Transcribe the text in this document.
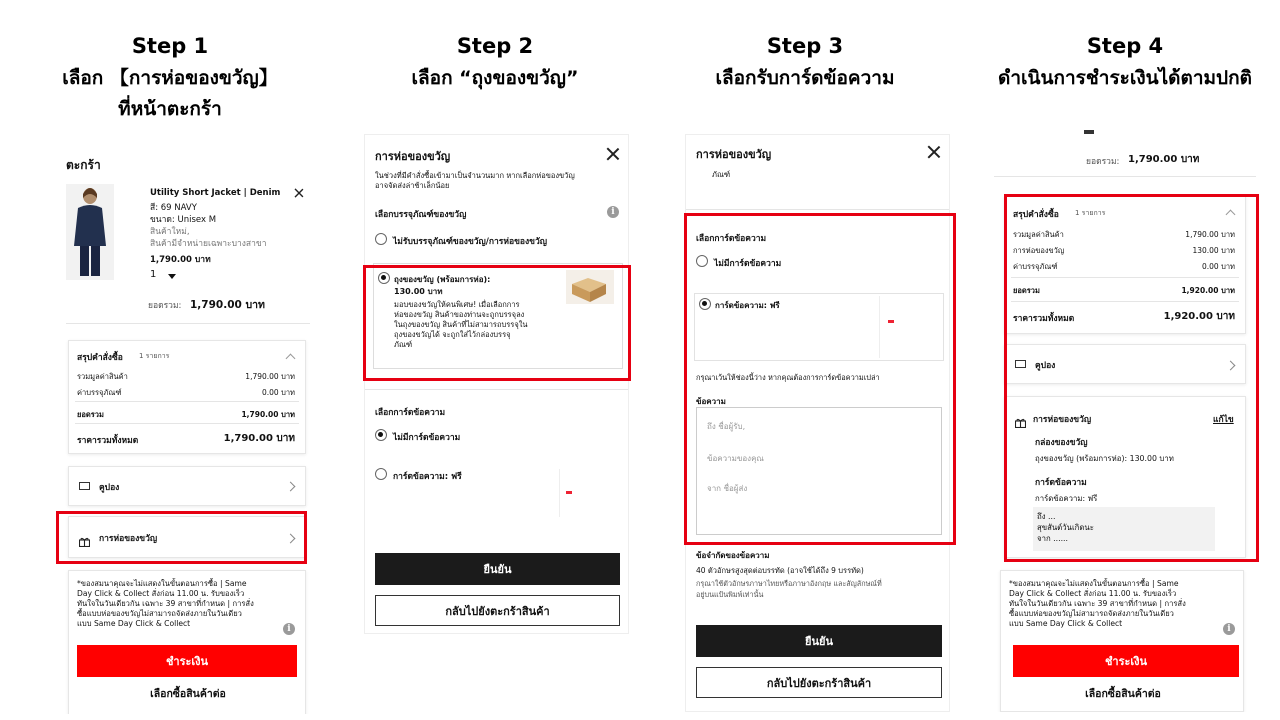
Step 1
เลือก 【การห่อของขวัญ】
ที่หน้าตะกร้า
Step 2
เลือก “ถุงของขวัญ”
Step 3
เลือกรับการ์ดข้อความ
Step 4
ดำเนินการชำระเงินได้ตามปกติ
ตะกร้า
Utility Short Jacket | Denim
สี: 69 NAVY
ขนาด: Unisex M
สินค้าใหม่,
สินค้ามีจำหน่ายเฉพาะบางสาขา
1,790.00 บาท
1
ยอดรวม: 1,790.00 บาท
สรุปคำสั่งซื้อ 1 รายการ
รวมมูลค่าสินค้า	1,790.00 บาท
ค่าบรรจุภัณฑ์	0.00 บาท
ยอดรวม	1,790.00 บาท
ราคารวมทั้งหมด	1,790.00 บาท
คูปอง
การห่อของขวัญ
*ของสมนาคุณจะไม่แสดงในขั้นตอนการซื้อ | Same
Day Click & Collect สั่งก่อน 11.00 น. รับของเร็ว
ทันใจในวันเดียวกัน เฉพาะ 39 สาขาที่กำหนด | การสั่ง
ซื้อแบบห่อของขวัญไม่สามารถจัดส่งภายในวันเดียว
แบบ Same Day Click & Collect
i
ชำระเงิน
เลือกซื้อสินค้าต่อ
การห่อของขวัญ
ในช่วงที่มีคำสั่งซื้อเข้ามาเป็นจำนวนมาก หากเลือกห่อของขวัญ
อาจจัดส่งล่าช้าเล็กน้อย
เลือกบรรจุภัณฑ์ของขวัญ	i
ไม่รับบรรจุภัณฑ์ของขวัญ/การห่อของขวัญ
ถุงของขวัญ (พร้อมการห่อ):
130.00 บาท
มอบของขวัญให้คนพิเศษ! เมื่อเลือกการ
ห่อของขวัญ สินค้าของท่านจะถูกบรรจุลง
ในถุงของขวัญ สินค้าที่ไม่สามารถบรรจุใน
ถุงของขวัญได้ จะถูกใส่ไว้กล่องบรรจุ
ภัณฑ์
เลือกการ์ดข้อความ
ไม่มีการ์ดข้อความ
การ์ดข้อความ: ฟรี
ยืนยัน
กลับไปยังตะกร้าสินค้า
การห่อของขวัญ
ภัณฑ์
เลือกการ์ดข้อความ
ไม่มีการ์ดข้อความ
การ์ดข้อความ: ฟรี
กรุณาเว้นให้ช่องนี้ว่าง หากคุณต้องการการ์ดข้อความเปล่า
ข้อความ
ถึง ชื่อผู้รับ,
ข้อความของคุณ
จาก ชื่อผู้ส่ง
ข้อจำกัดของข้อความ
40 ตัวอักษรสูงสุดต่อบรรทัด (อาจใช้ได้ถึง 9 บรรทัด)
กรุณาใช้ตัวอักษรภาษาไทยหรือภาษาอังกฤษ และสัญลักษณ์ที่
อยู่บนแป้นพิมพ์เท่านั้น
ยืนยัน
กลับไปยังตะกร้าสินค้า
ยอดรวม: 1,790.00 บาท
สรุปคำสั่งซื้อ 1 รายการ
รวมมูลค่าสินค้า	1,790.00 บาท
การห่อของขวัญ	130.00 บาท
ค่าบรรจุภัณฑ์	0.00 บาท
ยอดรวม	1,920.00 บาท
ราคารวมทั้งหมด	1,920.00 บาท
คูปอง
การห่อของขวัญ	แก้ไข
กล่องของขวัญ
ถุงของขวัญ (พร้อมการห่อ): 130.00 บาท
การ์ดข้อความ
การ์ดข้อความ: ฟรี
ถึง ...
สุขสันต์วันเกิดนะ
จาก ......
*ของสมนาคุณจะไม่แสดงในขั้นตอนการซื้อ | Same
Day Click & Collect สั่งก่อน 11.00 น. รับของเร็ว
ทันใจในวันเดียวกัน เฉพาะ 39 สาขาที่กำหนด | การสั่ง
ซื้อแบบห่อของขวัญไม่สามารถจัดส่งภายในวันเดียว
แบบ Same Day Click & Collect
i
ชำระเงิน
เลือกซื้อสินค้าต่อ
